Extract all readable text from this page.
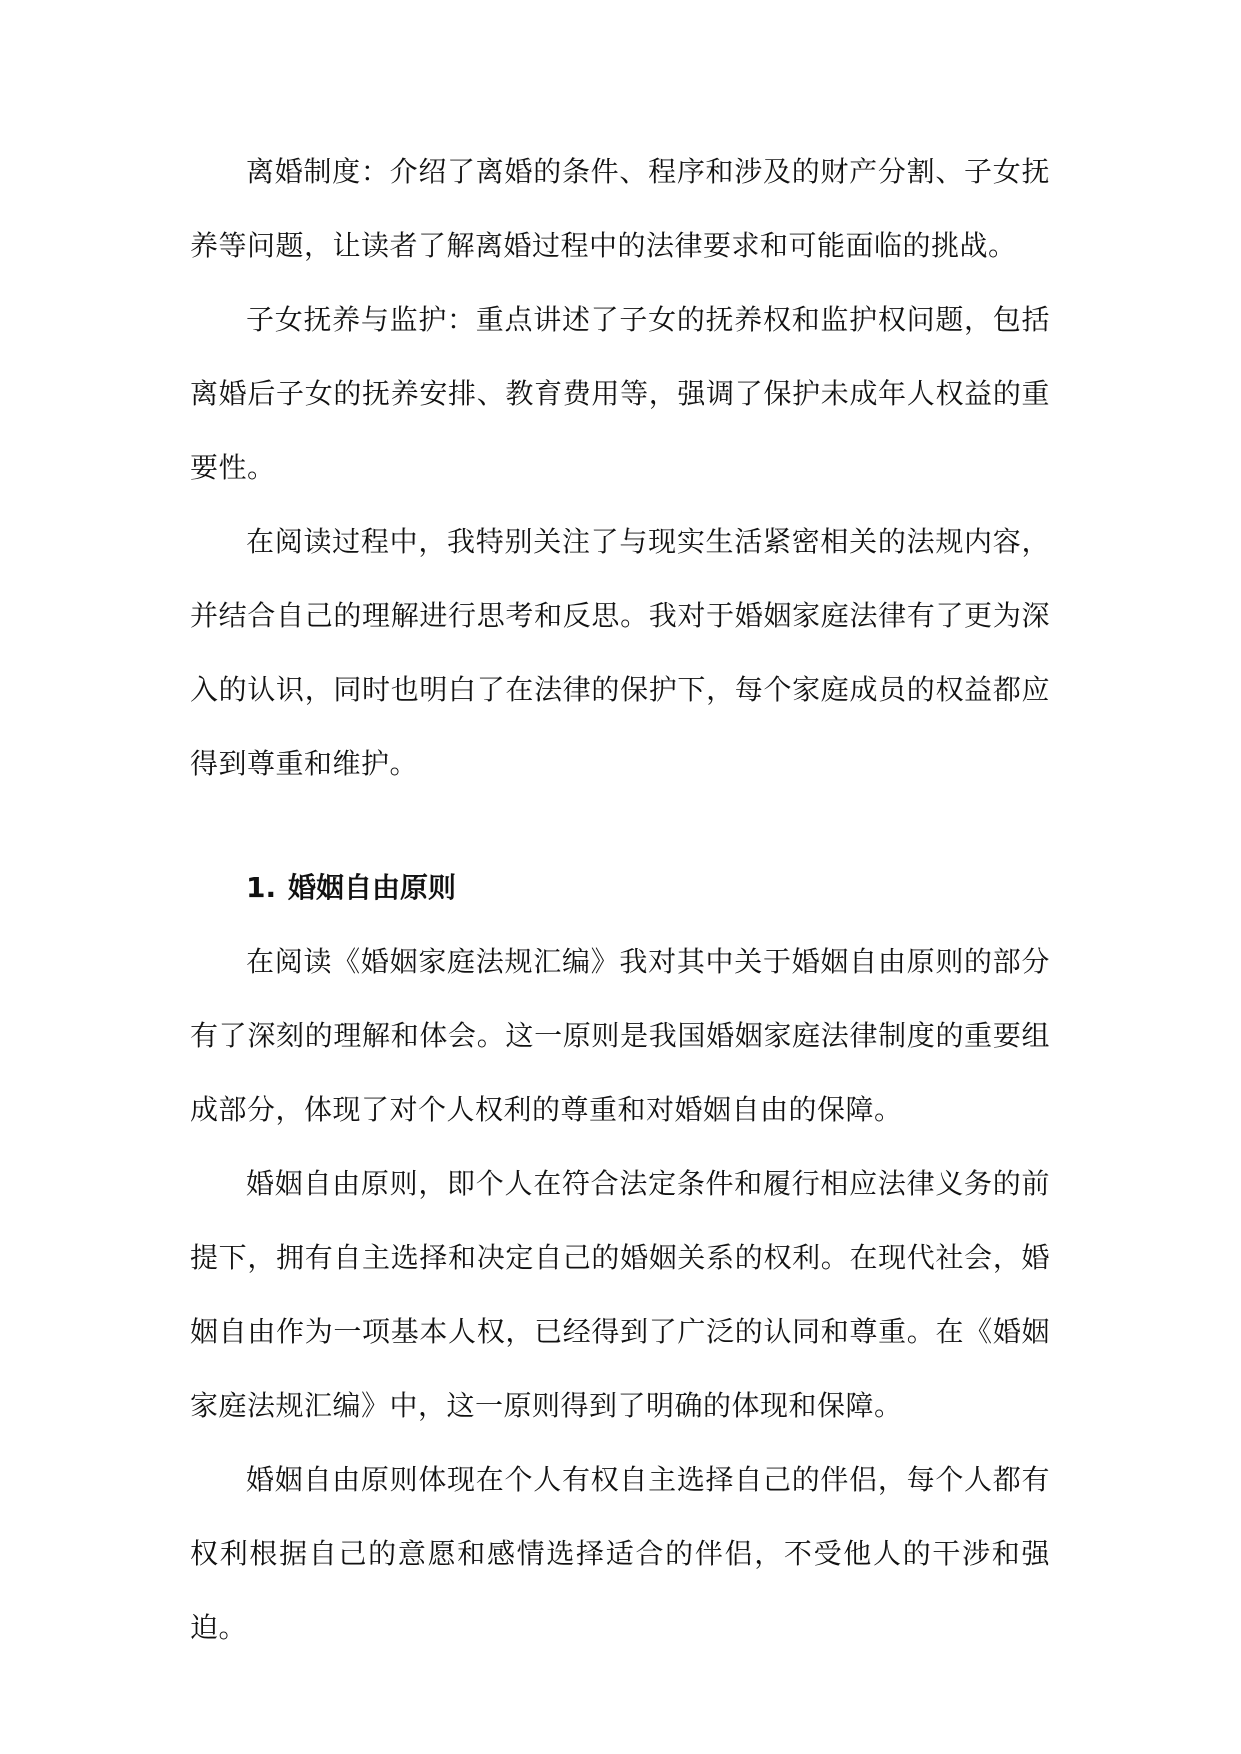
离婚制度：介绍了离婚的条件、程序和涉及的财产分割、子女抚养等问题，让读者了解离婚过程中的法律要求和可能面临的挑战。

子女抚养与监护：重点讲述了子女的抚养权和监护权问题，包括离婚后子女的抚养安排、教育费用等，强调了保护未成年人权益的重要性。

在阅读过程中，我特别关注了与现实生活紧密相关的法规内容，并结合自己的理解进行思考和反思。我对于婚姻家庭法律有了更为深入的认识，同时也明白了在法律的保护下，每个家庭成员的权益都应得到尊重和维护。

1. 婚姻自由原则

在阅读《婚姻家庭法规汇编》我对其中关于婚姻自由原则的部分有了深刻的理解和体会。这一原则是我国婚姻家庭法律制度的重要组成部分，体现了对个人权利的尊重和对婚姻自由的保障。

婚姻自由原则，即个人在符合法定条件和履行相应法律义务的前提下，拥有自主选择和决定自己的婚姻关系的权利。在现代社会，婚姻自由作为一项基本人权，已经得到了广泛的认同和尊重。在《婚姻家庭法规汇编》中，这一原则得到了明确的体现和保障。

婚姻自由原则体现在个人有权自主选择自己的伴侣，每个人都有权利根据自己的意愿和感情选择适合的伴侣，不受他人的干涉和强迫。
